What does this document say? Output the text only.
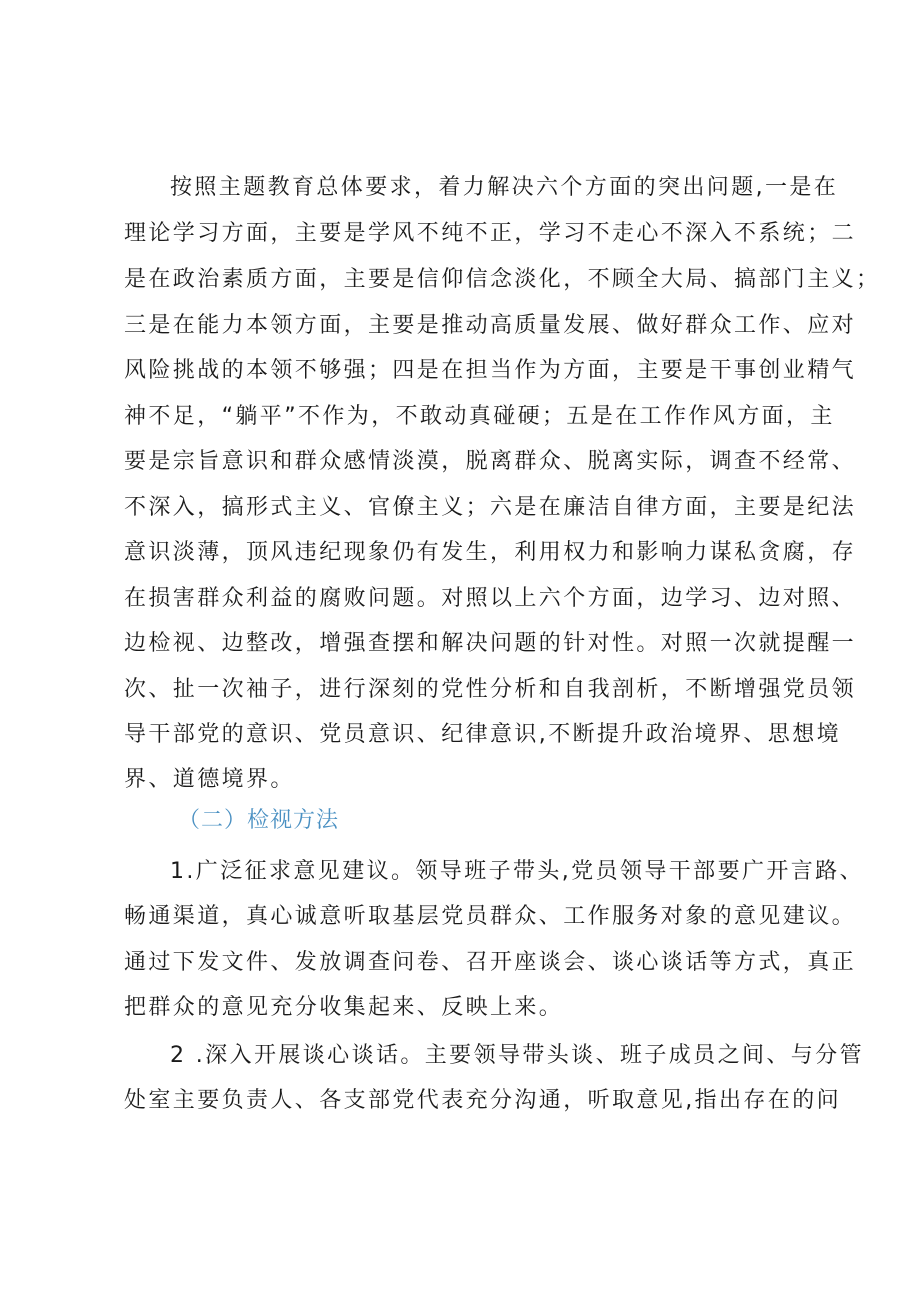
按照主题教育总体要求，着力解决六个方面的突出问题,一是在
理论学习方面，主要是学风不纯不正，学习不走心不深入不系统；二
是在政治素质方面，主要是信仰信念淡化，不顾全大局、搞部门主义；
三是在能力本领方面，主要是推动高质量发展、做好群众工作、应对
风险挑战的本领不够强；四是在担当作为方面，主要是干事创业精气
神不足，“躺平”不作为，不敢动真碰硬；五是在工作作风方面，主
要是宗旨意识和群众感情淡漠，脱离群众、脱离实际，调查不经常、
不深入，搞形式主义、官僚主义；六是在廉洁自律方面，主要是纪法
意识淡薄，顶风违纪现象仍有发生，利用权力和影响力谋私贪腐，存
在损害群众利益的腐败问题。对照以上六个方面，边学习、边对照、
边检视、边整改，增强查摆和解决问题的针对性。对照一次就提醒一
次、扯一次袖子，进行深刻的党性分析和自我剖析，不断增强党员领
导干部党的意识、党员意识、纪律意识,不断提升政治境界、思想境
界、道德境界。
（二）检视方法
1.广泛征求意见建议。领导班子带头,党员领导干部要广开言路、
畅通渠道，真心诚意听取基层党员群众、工作服务对象的意见建议。
通过下发文件、发放调查问卷、召开座谈会、谈心谈话等方式，真正
把群众的意见充分收集起来、反映上来。
2 .深入开展谈心谈话。主要领导带头谈、班子成员之间、与分管
处室主要负责人、各支部党代表充分沟通，听取意见,指出存在的问
